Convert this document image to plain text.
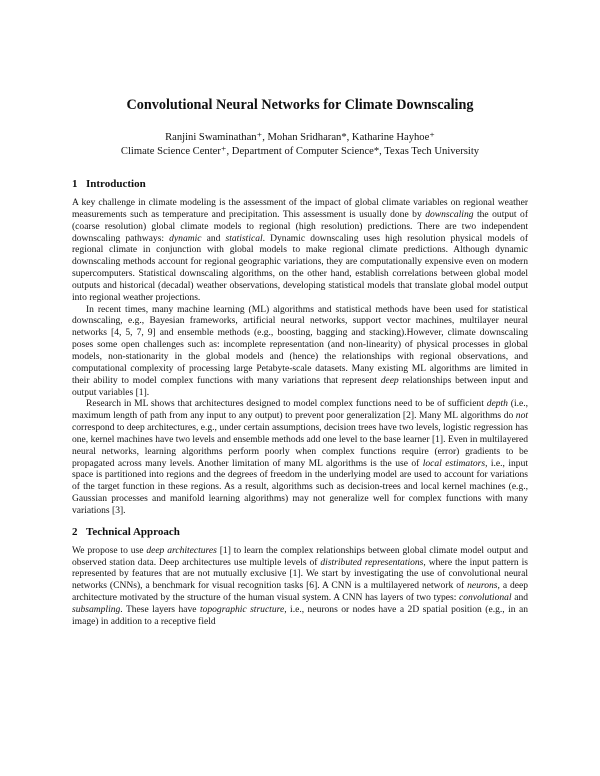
Convolutional Neural Networks for Climate Downscaling
Ranjini Swaminathan⁺, Mohan Sridharan*, Katharine Hayhoe⁺
Climate Science Center⁺, Department of Computer Science*, Texas Tech University
1 Introduction

A key challenge in climate modeling is the assessment of the impact of global climate variables on regional weather measurements such as temperature and precipitation. This assessment is usually done by downscaling the output of (coarse resolution) global climate models to regional (high resolution) predictions. There are two independent downscaling pathways: dynamic and statistical. Dynamic downscaling uses high resolution physical models of regional climate in conjunction with global models to make regional climate predictions. Although dynamic downscaling methods account for regional geographic variations, they are computationally expensive even on modern supercomputers. Statistical downscaling algorithms, on the other hand, establish correlations between global model outputs and historical (decadal) weather observations, developing statistical models that translate global model output into regional weather projections.

In recent times, many machine learning (ML) algorithms and statistical methods have been used for statistical downscaling, e.g., Bayesian frameworks, artificial neural networks, support vector machines, multilayer neural networks [4, 5, 7, 9] and ensemble methods (e.g., boosting, bagging and stacking).However, climate downscaling poses some open challenges such as: incomplete representation (and non-linearity) of physical processes in global models, non-stationarity in the global models and (hence) the relationships with regional observations, and computational complexity of processing large Petabyte-scale datasets. Many existing ML algorithms are limited in their ability to model complex functions with many variations that represent deep relationships between input and output variables [1].

Research in ML shows that architectures designed to model complex functions need to be of sufficient depth (i.e., maximum length of path from any input to any output) to prevent poor generalization [2]. Many ML algorithms do not correspond to deep architectures, e.g., under certain assumptions, decision trees have two levels, logistic regression has one, kernel machines have two levels and ensemble methods add one level to the base learner [1]. Even in multilayered neural networks, learning algorithms perform poorly when complex functions require (error) gradients to be propagated across many levels. Another limitation of many ML algorithms is the use of local estimators, i.e., input space is partitioned into regions and the degrees of freedom in the underlying model are used to account for variations of the target function in these regions. As a result, algorithms such as decision-trees and local kernel machines (e.g., Gaussian processes and manifold learning algorithms) may not generalize well for complex functions with many variations [3].

2 Technical Approach

We propose to use deep architectures [1] to learn the complex relationships between global climate model output and observed station data. Deep architectures use multiple levels of distributed representations, where the input pattern is represented by features that are not mutually exclusive [1]. We start by investigating the use of convolutional neural networks (CNNs), a benchmark for visual recognition tasks [6]. A CNN is a multilayered network of neurons, a deep architecture motivated by the structure of the human visual system. A CNN has layers of two types: convolutional and subsampling. These layers have topographic structure, i.e., neurons or nodes have a 2D spatial position (e.g., in an image) in addition to a receptive field
